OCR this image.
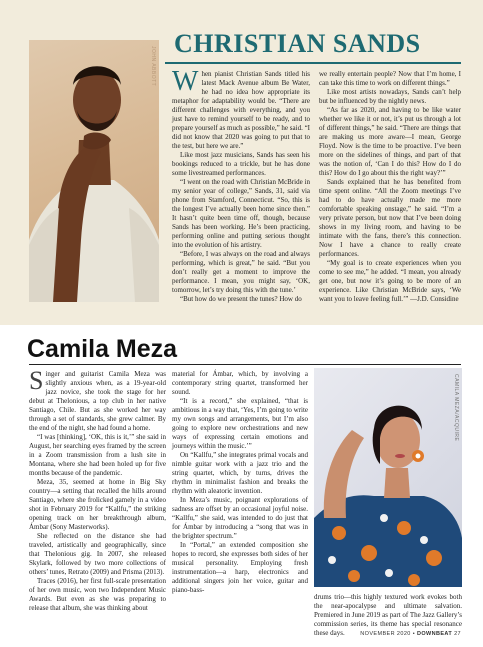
JOHN ABBOTT
CHRISTIAN SANDS

When pianist Christian Sands titled his latest Mack Avenue album Be Water, he had no idea how appropriate its metaphor for adaptability would be. “There are different challenges with everything, and you just have to remind yourself to be ready, and to prepare yourself as much as possible,” he said. “I did not know that 2020 was going to put that to the test, but here we are.”

Like most jazz musicians, Sands has seen his bookings reduced to a trickle, but he has done some livestreamed performances.

“I went on the road with Christian McBride in my senior year of college,” Sands, 31, said via phone from Stamford, Connecticut. “So, this is the longest I’ve actually been home since then.” It hasn’t quite been time off, though, because Sands has been working. He’s been practicing, performing online and putting serious thought into the evolution of his artistry.

“Before, I was always on the road and always performing, which is great,” he said. “But you don’t really get a moment to improve the performance. I mean, you might say, ‘OK, tomorrow, let’s try doing this with the tune.’

“But how do we present the tunes? How do

we really entertain people? Now that I’m home, I can take this time to work on different things.”

Like most artists nowadays, Sands can’t help but be influenced by the nightly news.

“As far as 2020, and having to be like water whether we like it or not, it’s put us through a lot of different things,” he said. “There are things that are making us more aware—I mean, George Floyd. Now is the time to be proactive. I’ve been more on the sidelines of things, and part of that was the notion of, ‘Can I do this? How do I do this? How do I go about this the right way?’”

Sands explained that he has benefited from time spent online. “All the Zoom meetings I’ve had to do have actually made me more comfortable speaking onstage,” he said. “I’m a very private person, but now that I’ve been doing shows in my living room, and having to be intimate with the fans, there’s this connection. Now I have a chance to really create performances.

“My goal is to create experiences when you come to see me,” he added. “I mean, you already get one, but now it’s going to be more of an experience. Like Christian McBride says, ‘We want you to leave feeling full.’” —J.D. Considine

Camila Meza

Singer and guitarist Camila Meza was slightly anxious when, as a 19-year-old jazz novice, she took the stage for her debut at Thelonious, a top club in her native Santiago, Chile. But as she worked her way through a set of standards, she grew calmer. By the end of the night, she had found a home.

“I was [thinking], ‘OK, this is it,’” she said in August, her searching eyes framed by the screen in a Zoom transmission from a lush site in Montana, where she had been holed up for five months because of the pandemic.

Meza, 35, seemed at home in Big Sky country—a setting that recalled the hills around Santiago, where she frolicked gamely in a video shot in February 2019 for “Kallfu,” the striking opening track on her breakthrough album, Ámbar (Sony Masterworks).

She reflected on the distance she had traveled, artistically and geographically, since that Thelonious gig. In 2007, she released Skylark, followed by two more collections of others’ tunes, Retrato (2009) and Prisma (2013).

Traces (2016), her first full-scale presentation of her own music, won two Independent Music Awards. But even as she was preparing to release that album, she was thinking about

material for Ámbar, which, by involving a contemporary string quartet, transformed her sound.

“It is a record,” she explained, “that is ambitious in a way that, ‘Yes, I’m going to write my own songs and arrangements, but I’m also going to explore new orchestrations and new ways of expressing certain emotions and journeys within the music.’”

On “Kallfu,” she integrates primal vocals and nimble guitar work with a jazz trio and the string quartet, which, by turns, drives the rhythm in minimalist fashion and breaks the rhythm with aleatoric invention.

In Meza’s music, poignant explorations of sadness are offset by an occasional joyful noise. “Kallfu,” she said, was intended to do just that for Ámbar by introducing a “song that was in the brighter spectrum.”

In “Portal,” an extended composition she hopes to record, she expresses both sides of her musical personality. Employing fresh instrumentation—a harp, electronics and additional singers join her voice, guitar and piano-bass-

CAMILA MEZA/ACQUIRE

drums trio—this highly textured work evokes both the near-apocalypse and ultimate salvation. Premiered in June 2019 as part of The Jazz Gallery’s commission series, its theme has special resonance these days.	NOVEMBER 2020 • DOWNBEAT 27
